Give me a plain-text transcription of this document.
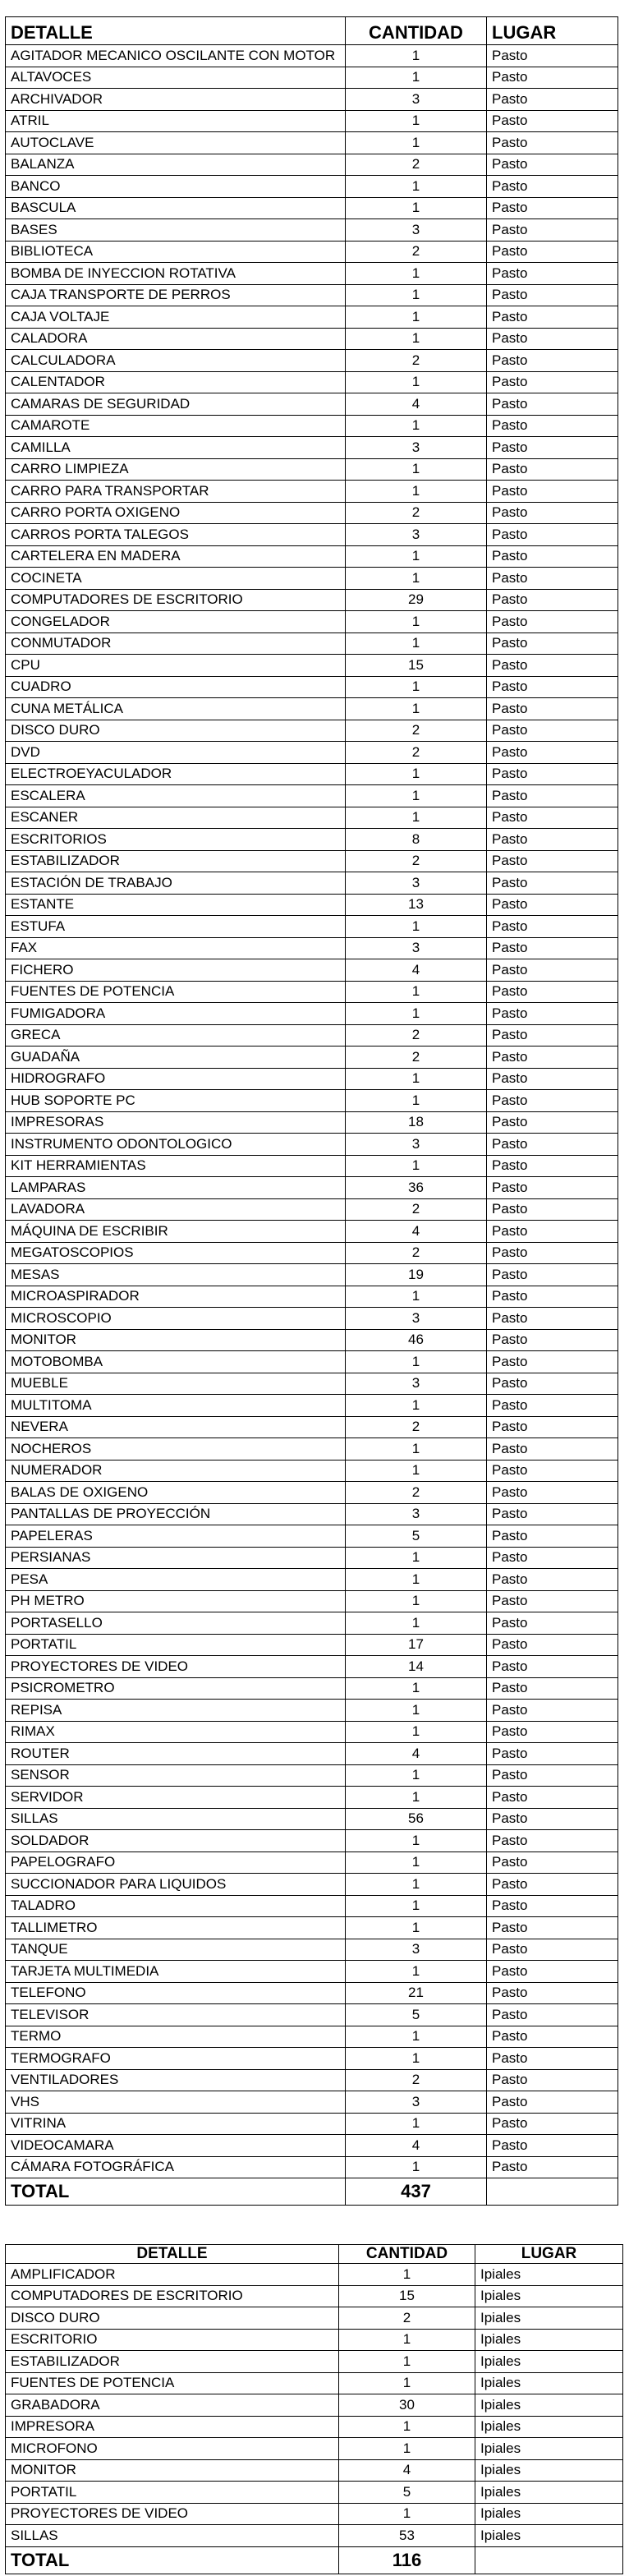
DETALLE	CANTIDAD	LUGAR
AGITADOR MECANICO OSCILANTE CON MOTOR	1	Pasto
ALTAVOCES	1	Pasto
ARCHIVADOR	3	Pasto
ATRIL	1	Pasto
AUTOCLAVE	1	Pasto
BALANZA	2	Pasto
BANCO	1	Pasto
BASCULA	1	Pasto
BASES	3	Pasto
BIBLIOTECA	2	Pasto
BOMBA DE INYECCION ROTATIVA	1	Pasto
CAJA TRANSPORTE DE PERROS	1	Pasto
CAJA VOLTAJE	1	Pasto
CALADORA	1	Pasto
CALCULADORA	2	Pasto
CALENTADOR	1	Pasto
CAMARAS DE SEGURIDAD	4	Pasto
CAMAROTE	1	Pasto
CAMILLA	3	Pasto
CARRO LIMPIEZA	1	Pasto
CARRO PARA TRANSPORTAR	1	Pasto
CARRO PORTA OXIGENO	2	Pasto
CARROS PORTA TALEGOS	3	Pasto
CARTELERA EN MADERA	1	Pasto
COCINETA	1	Pasto
COMPUTADORES DE ESCRITORIO	29	Pasto
CONGELADOR	1	Pasto
CONMUTADOR	1	Pasto
CPU	15	Pasto
CUADRO	1	Pasto
CUNA METÁLICA	1	Pasto
DISCO DURO	2	Pasto
DVD	2	Pasto
ELECTROEYACULADOR	1	Pasto
ESCALERA	1	Pasto
ESCANER	1	Pasto
ESCRITORIOS	8	Pasto
ESTABILIZADOR	2	Pasto
ESTACIÓN DE TRABAJO	3	Pasto
ESTANTE	13	Pasto
ESTUFA	1	Pasto
FAX	3	Pasto
FICHERO	4	Pasto
FUENTES DE POTENCIA	1	Pasto
FUMIGADORA	1	Pasto
GRECA	2	Pasto
GUADAÑA	2	Pasto
HIDROGRAFO	1	Pasto
HUB SOPORTE PC	1	Pasto
IMPRESORAS	18	Pasto
INSTRUMENTO ODONTOLOGICO	3	Pasto
KIT HERRAMIENTAS	1	Pasto
LAMPARAS	36	Pasto
LAVADORA	2	Pasto
MÁQUINA DE ESCRIBIR	4	Pasto
MEGATOSCOPIOS	2	Pasto
MESAS	19	Pasto
MICROASPIRADOR	1	Pasto
MICROSCOPIO	3	Pasto
MONITOR	46	Pasto
MOTOBOMBA	1	Pasto
MUEBLE	3	Pasto
MULTITOMA	1	Pasto
NEVERA	2	Pasto
NOCHEROS	1	Pasto
NUMERADOR	1	Pasto
BALAS DE OXIGENO	2	Pasto
PANTALLAS DE PROYECCIÓN	3	Pasto
PAPELERAS	5	Pasto
PERSIANAS	1	Pasto
PESA	1	Pasto
PH METRO	1	Pasto
PORTASELLO	1	Pasto
PORTATIL	17	Pasto
PROYECTORES DE VIDEO	14	Pasto
PSICROMETRO	1	Pasto
REPISA	1	Pasto
RIMAX	1	Pasto
ROUTER	4	Pasto
SENSOR	1	Pasto
SERVIDOR	1	Pasto
SILLAS	56	Pasto
SOLDADOR	1	Pasto
PAPELOGRAFO	1	Pasto
SUCCIONADOR PARA LIQUIDOS	1	Pasto
TALADRO	1	Pasto
TALLIMETRO	1	Pasto
TANQUE	3	Pasto
TARJETA MULTIMEDIA	1	Pasto
TELEFONO	21	Pasto
TELEVISOR	5	Pasto
TERMO	1	Pasto
TERMOGRAFO	1	Pasto
VENTILADORES	2	Pasto
VHS	3	Pasto
VITRINA	1	Pasto
VIDEOCAMARA	4	Pasto
CÁMARA FOTOGRÁFICA	1	Pasto
TOTAL	437	
DETALLE	CANTIDAD	LUGAR
AMPLIFICADOR	1	Ipiales
COMPUTADORES DE ESCRITORIO	15	Ipiales
DISCO DURO	2	Ipiales
ESCRITORIO	1	Ipiales
ESTABILIZADOR	1	Ipiales
FUENTES DE POTENCIA	1	Ipiales
GRABADORA	30	Ipiales
IMPRESORA	1	Ipiales
MICROFONO	1	Ipiales
MONITOR	4	Ipiales
PORTATIL	5	Ipiales
PROYECTORES DE VIDEO	1	Ipiales
SILLAS	53	Ipiales
TOTAL	116	
